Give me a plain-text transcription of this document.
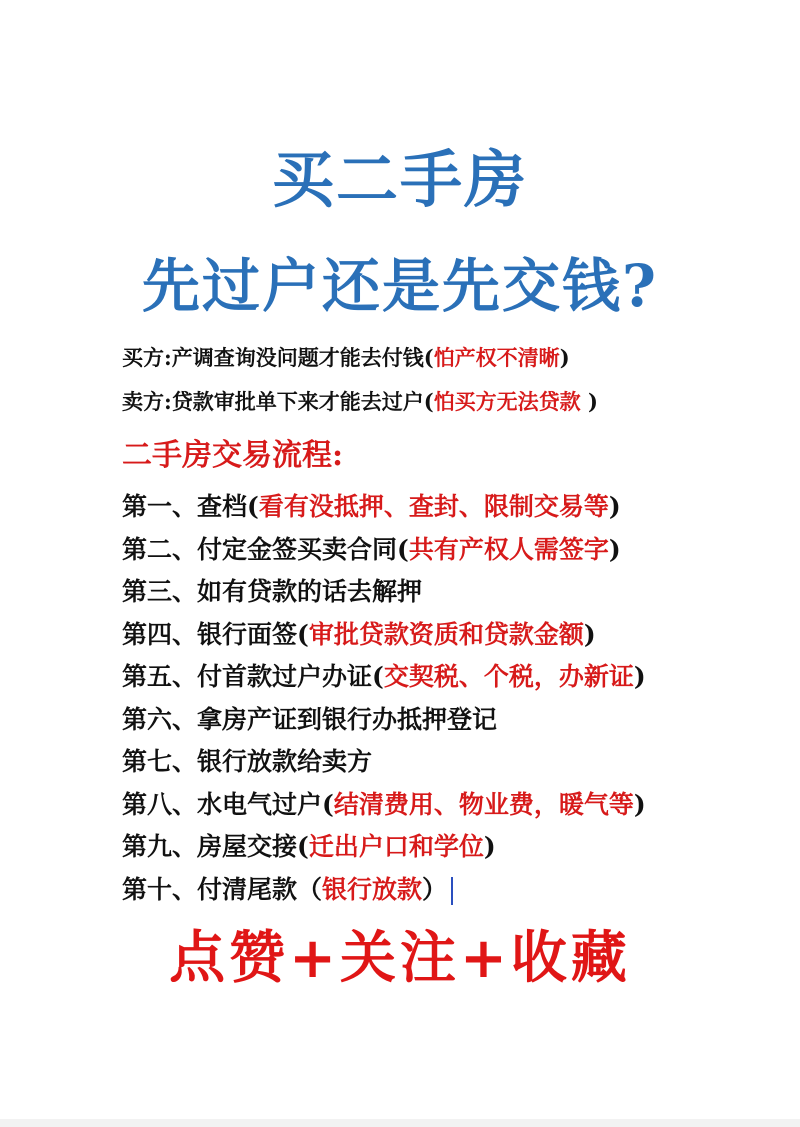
买二手房
先过户还是先交钱?
买方:产调查询没问题才能去付钱(怕产权不清晰)
卖方:贷款审批单下来才能去过户(怕买方无法贷款 )
二手房交易流程:
第一、查档(看有没抵押、查封、限制交易等)
第二、付定金签买卖合同(共有产权人需签字)
第三、如有贷款的话去解押
第四、银行面签(审批贷款资质和贷款金额)
第五、付首款过户办证(交契税、个税，办新证)
第六、拿房产证到银行办抵押登记
第七、银行放款给卖方
第八、水电气过户(结清费用、物业费，暖气等)
第九、房屋交接(迁出户口和学位)
第十、付清尾款（银行放款）
点赞+关注+收藏
